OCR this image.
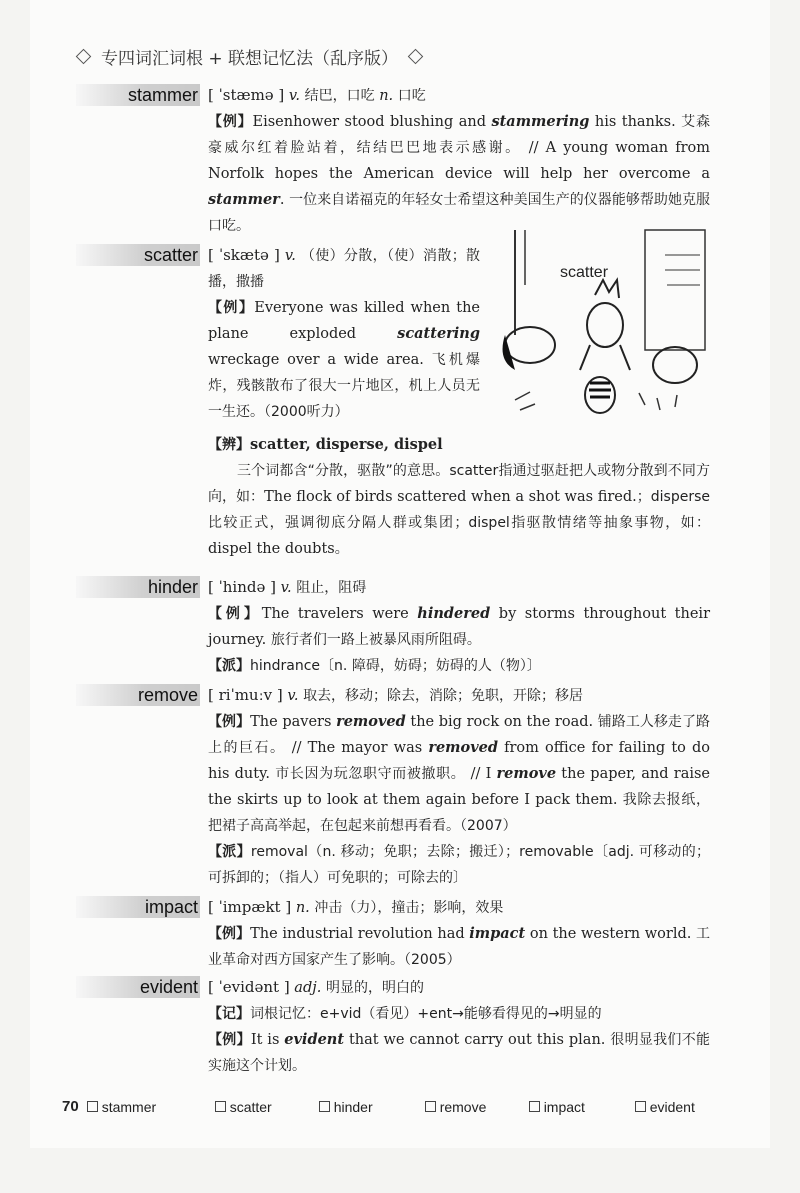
专四词汇词根 + 联想记忆法（乱序版）
stammer [ ˈstæmə ] v. 结巴，口吃 n. 口吃
【例】Eisenhower stood blushing and stammering his thanks. 艾森豪威尔红着脸站着，结结巴巴地表示感谢。 // A young woman from Norfolk hopes the American device will help her overcome a stammer. 一位来自诺福克的年轻女士希望这种美国生产的仪器能够帮助她克服口吃。
scatter [ ˈskætə ] v. （使）分散，（使）消散；散播，撒播
【例】Everyone was killed when the plane exploded scattering wreckage over a wide area. 飞机爆炸，残骸散布了很大一片地区，机上人员无一生还。（2000听力）
scatter
【辨】scatter, disperse, dispel
三个词都含“分散，驱散”的意思。scatter指通过驱赶把人或物分散到不同方向，如：The flock of birds scattered when a shot was fired.；disperse比较正式，强调彻底分隔人群或集团；dispel指驱散情绪等抽象事物，如：dispel the doubts。
hinder [ ˈhində ] v. 阻止，阻碍
【例】The travelers were hindered by storms throughout their journey. 旅行者们一路上被暴风雨所阻碍。
【派】hindrance〔n. 障碍，妨碍；妨碍的人（物）〕
remove [ riˈmuːv ] v. 取去，移动；除去，消除；免职，开除；移居
【例】The pavers removed the big rock on the road. 铺路工人移走了路上的巨石。 // The mayor was removed from office for failing to do his duty. 市长因为玩忽职守而被撤职。 // I remove the paper, and raise the skirts up to look at them again before I pack them. 我除去报纸，把裙子高高举起，在包起来前想再看看。（2007）
【派】removal（n. 移动；免职；去除；搬迁）；removable〔adj. 可移动的；可拆卸的；（指人）可免职的；可除去的〕
impact [ ˈimpækt ] n. 冲击（力），撞击；影响，效果
【例】The industrial revolution had impact on the western world. 工业革命对西方国家产生了影响。（2005）
evident [ ˈevidənt ] adj. 明显的，明白的
【记】词根记忆：e+vid（看见）+ent→能够看得见的→明显的
【例】It is evident that we cannot carry out this plan. 很明显我们不能实施这个计划。
70 stammer	scatter	hinder	remove	impact	evident
